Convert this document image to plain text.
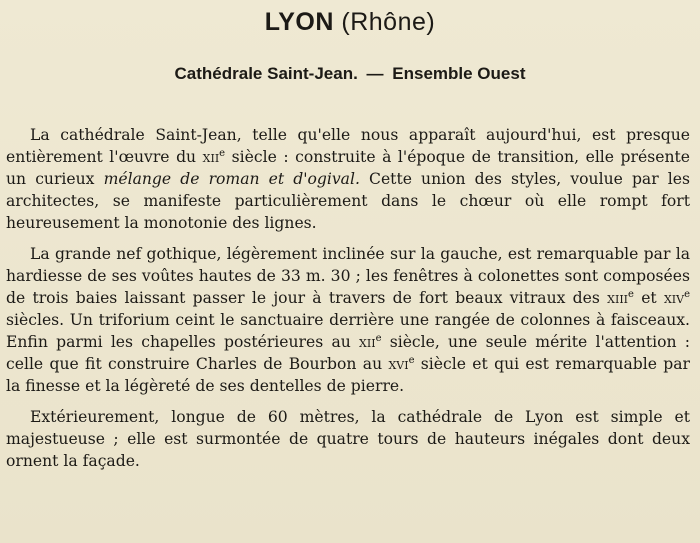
LYON (Rhône)
Cathédrale Saint-Jean. — Ensemble Ouest

La cathédrale Saint-Jean, telle qu'elle nous apparaît aujourd'hui, est presque entièrement l'œuvre du xii$^e$ siècle : construite à l'époque de transition, elle présente un curieux mélange de roman et d'ogival. Cette union des styles, voulue par les architectes, se manifeste particulièrement dans le chœur où elle rompt fort heureusement la monotonie des lignes.

La grande nef gothique, légèrement inclinée sur la gauche, est remarquable par la hardiesse de ses voûtes hautes de 33 m. 30 ; les fenêtres à colonettes sont composées de trois baies laissant passer le jour à travers de fort beaux vitraux des xiii$^e$ et xiv$^e$ siècles. Un triforium ceint le sanctuaire derrière une rangée de colonnes à faisceaux. Enfin parmi les chapelles postérieures au xii$^e$ siècle, une seule mérite l'attention : celle que fit construire Charles de Bourbon au xvi$^e$ siècle et qui est remarquable par la finesse et la légèreté de ses dentelles de pierre.

Extérieurement, longue de 60 mètres, la cathédrale de Lyon est simple et majestueuse ; elle est surmontée de quatre tours de hauteurs inégales dont deux ornent la façade.
